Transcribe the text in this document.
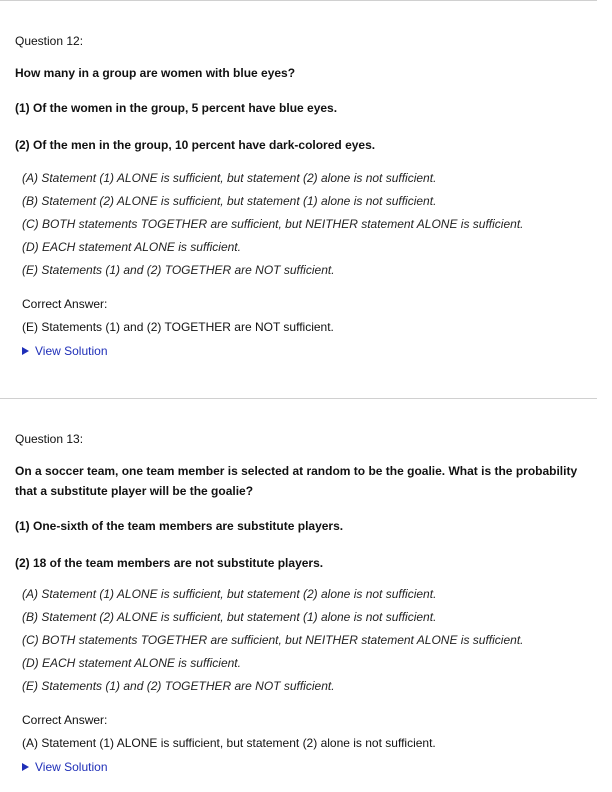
Question 12:
How many in a group are women with blue eyes?
(1) Of the women in the group, 5 percent have blue eyes.
(2) Of the men in the group, 10 percent have dark-colored eyes.
(A) Statement (1) ALONE is sufficient, but statement (2) alone is not sufficient.
(B) Statement (2) ALONE is sufficient, but statement (1) alone is not sufficient.
(C) BOTH statements TOGETHER are sufficient, but NEITHER statement ALONE is sufficient.
(D) EACH statement ALONE is sufficient.
(E) Statements (1) and (2) TOGETHER are NOT sufficient.
Correct Answer:
(E) Statements (1) and (2) TOGETHER are NOT sufficient.
View Solution
Question 13:
On a soccer team, one team member is selected at random to be the goalie. What is the probability that a substitute player will be the goalie?
(1) One-sixth of the team members are substitute players.
(2) 18 of the team members are not substitute players.
(A) Statement (1) ALONE is sufficient, but statement (2) alone is not sufficient.
(B) Statement (2) ALONE is sufficient, but statement (1) alone is not sufficient.
(C) BOTH statements TOGETHER are sufficient, but NEITHER statement ALONE is sufficient.
(D) EACH statement ALONE is sufficient.
(E) Statements (1) and (2) TOGETHER are NOT sufficient.
Correct Answer:
(A) Statement (1) ALONE is sufficient, but statement (2) alone is not sufficient.
View Solution
